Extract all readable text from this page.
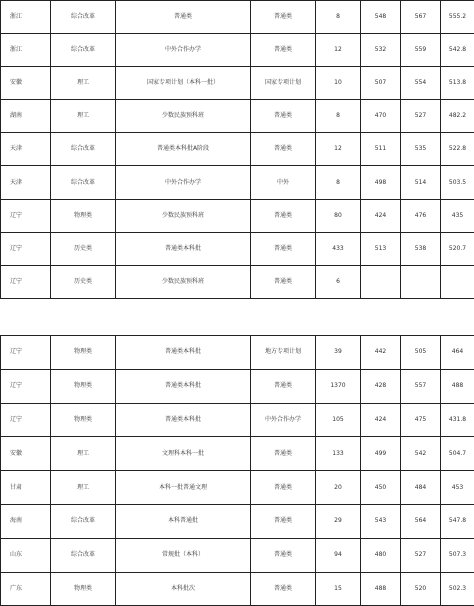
浙江	综合改革	普通类	普通类	8	548	567	555.2
浙江	综合改革	中外合作办学	普通类	12	532	559	542.8
安徽	理工	国家专项计划（本科一批）	国家专项计划	10	507	554	513.8
湖南	理工	少数民族预科班	普通类	8	470	527	482.2
天津	综合改革	普通类本科批A阶段	普通类	12	511	535	522.8
天津	综合改革	中外合作办学	中外	8	498	514	503.5
辽宁	物理类	少数民族预科班	普通类	80	424	476	435
辽宁	历史类	普通类本科批	普通类	433	513	538	520.7
辽宁	历史类	少数民族预科班	普通类	6			
辽宁	物理类	普通类本科批	地方专项计划	39	442	505	464
辽宁	物理类	普通类本科批	普通类	1370	428	557	488
辽宁	物理类	普通类本科批	中外合作办学	105	424	475	431.8
安徽	理工	文理科本科一批	普通类	133	499	542	504.7
甘肃	理工	本科一批普通文理	普通类	20	450	484	453
海南	综合改革	本科普通批	普通类	29	543	564	547.8
山东	综合改革	常规批（本科）	普通类	94	480	527	507.3
广东	物理类	本科批次	普通类	15	488	520	502.3
